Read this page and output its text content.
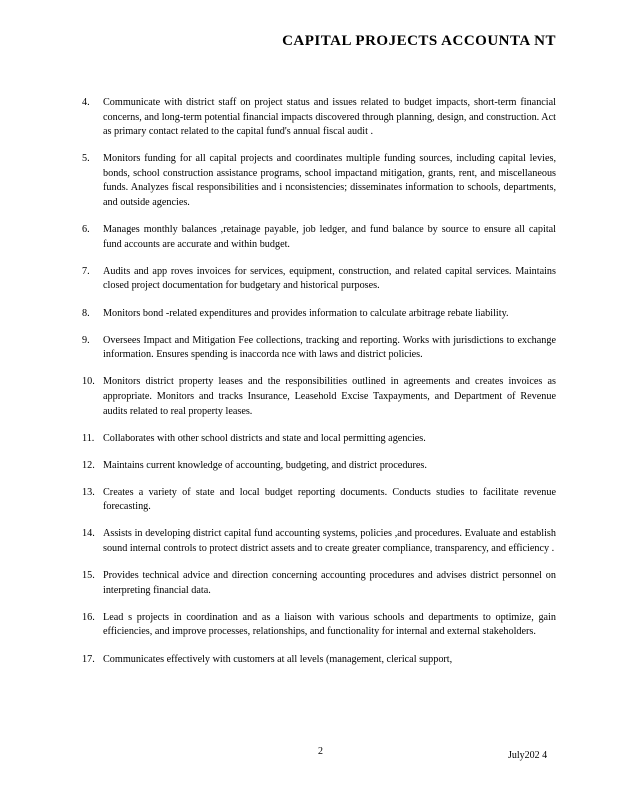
CAPITAL PROJECTS ACCOUNTA NT
4. Communicate with district staff on project status and issues related to budget impacts, short-term financial concerns, and long-term potential financial impacts discovered through planning, design, and construction. Act as primary contact related to the capital fund's annual fiscal audit .
5. Monitors funding for all capital projects and coordinates multiple funding sources, including capital levies, bonds, school construction assistance programs, school impactand mitigation, grants, rent, and miscellaneous funds. Analyzes fiscal responsibilities and i nconsistencies; disseminates information to schools, departments, and outside agencies.
6. Manages monthly balances ,retainage payable, job ledger, and fund balance by source to ensure all capital fund accounts are accurate and within budget.
7. Audits and app roves invoices for services, equipment, construction, and related capital services. Maintains closed project documentation for budgetary and historical purposes.
8. Monitors bond -related expenditures and provides information to calculate arbitrage rebate liability.
9. Oversees Impact and Mitigation Fee collections, tracking and reporting. Works with jurisdictions to exchange information. Ensures spending is inaccorda nce with laws and district policies.
10. Monitors district property leases and the responsibilities outlined in agreements and creates invoices as appropriate. Monitors and tracks Insurance, Leasehold Excise Taxpayments, and Department of Revenue audits related to real property leases.
11. Collaborates with other school districts and state and local permitting agencies.
12. Maintains current knowledge of accounting, budgeting, and district procedures.
13. Creates a variety of state and local budget reporting documents. Conducts studies to facilitate revenue forecasting.
14. Assists in developing district capital fund accounting systems, policies ,and procedures. Evaluate and establish sound internal controls to protect district assets and to create greater compliance, transparency, and efficiency .
15. Provides technical advice and direction concerning accounting procedures and advises district personnel on interpreting financial data.
16. Lead s projects in coordination and as a liaison with various schools and departments to optimize, gain efficiencies, and improve processes, relationships, and functionality for internal and external stakeholders.
17. Communicates effectively with customers at all levels (management, clerical support,
2	July202 4
